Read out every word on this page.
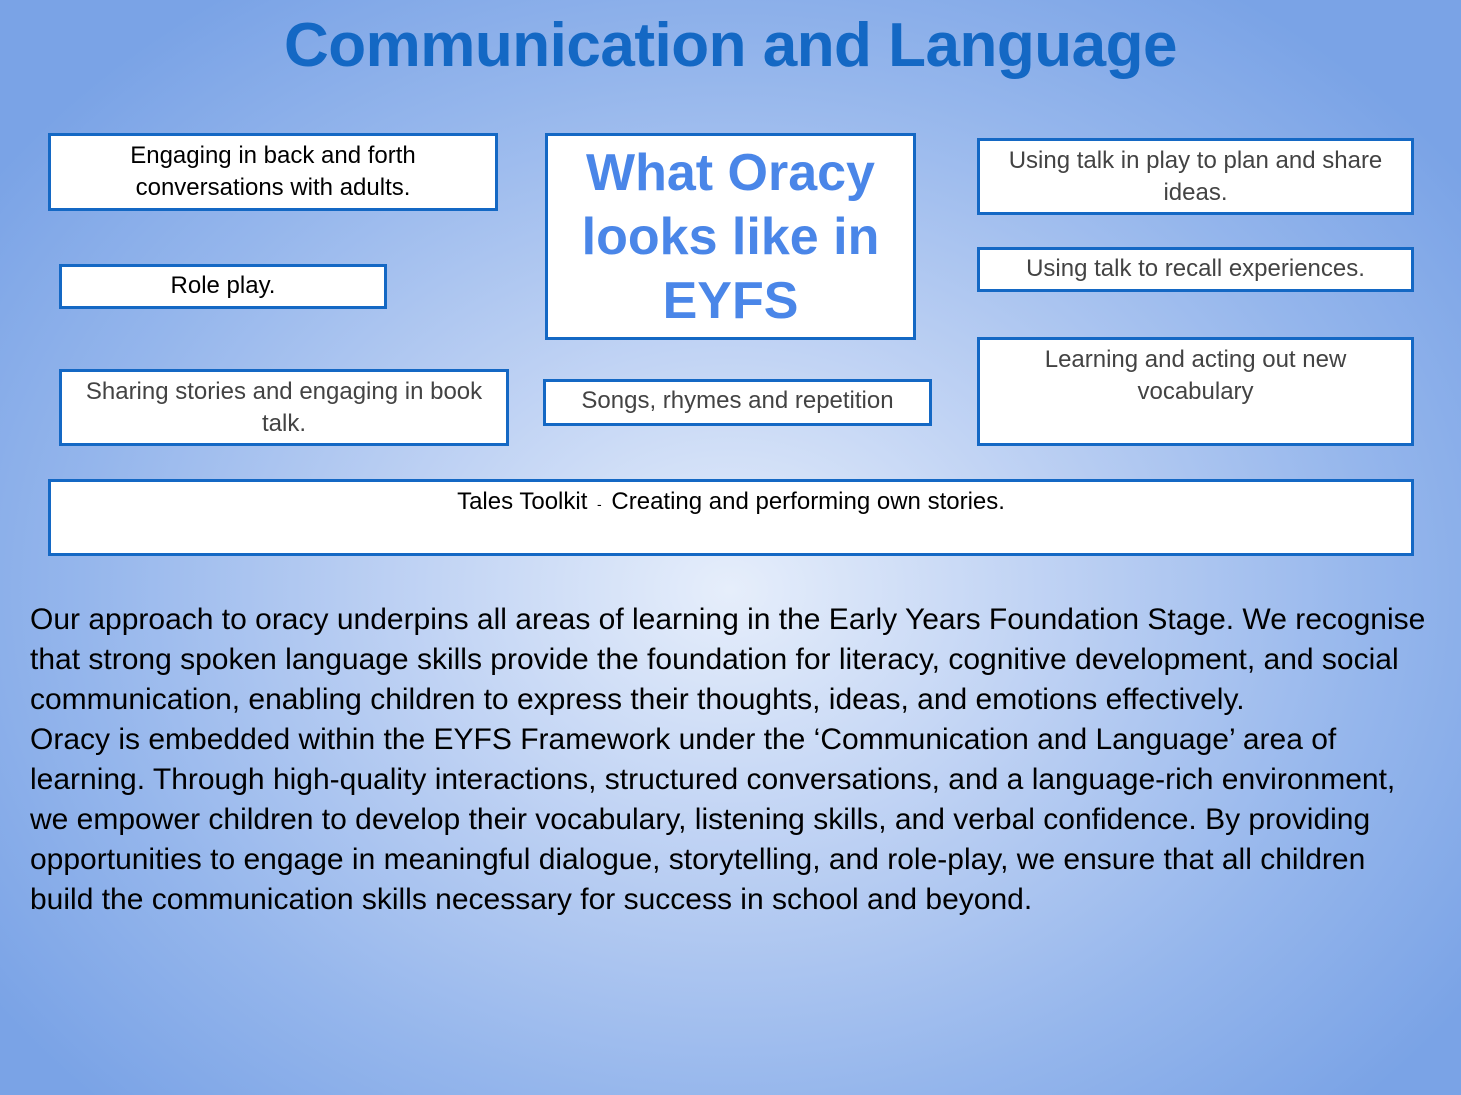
Communication and Language
Engaging in back and forth conversations with adults.
Role play.
Sharing stories and engaging in book talk.
What Oracy
looks like in
EYFS
Songs, rhymes and repetition
Using talk in play to plan and share ideas.
Using talk to recall experiences.
Learning and acting out new vocabulary
Tales Toolkit - Creating and performing own stories.

Our approach to oracy underpins all areas of learning in the Early Years Foundation Stage. We recognise that strong spoken language skills provide the foundation for literacy, cognitive development, and social communication, enabling children to express their thoughts, ideas, and emotions effectively.

Oracy is embedded within the EYFS Framework under the ‘Communication and Language’ area of learning. Through high-quality interactions, structured conversations, and a language-rich environment, we empower children to develop their vocabulary, listening skills, and verbal confidence. By providing opportunities to engage in meaningful dialogue, storytelling, and role-play, we ensure that all children build the communication skills necessary for success in school and beyond.
